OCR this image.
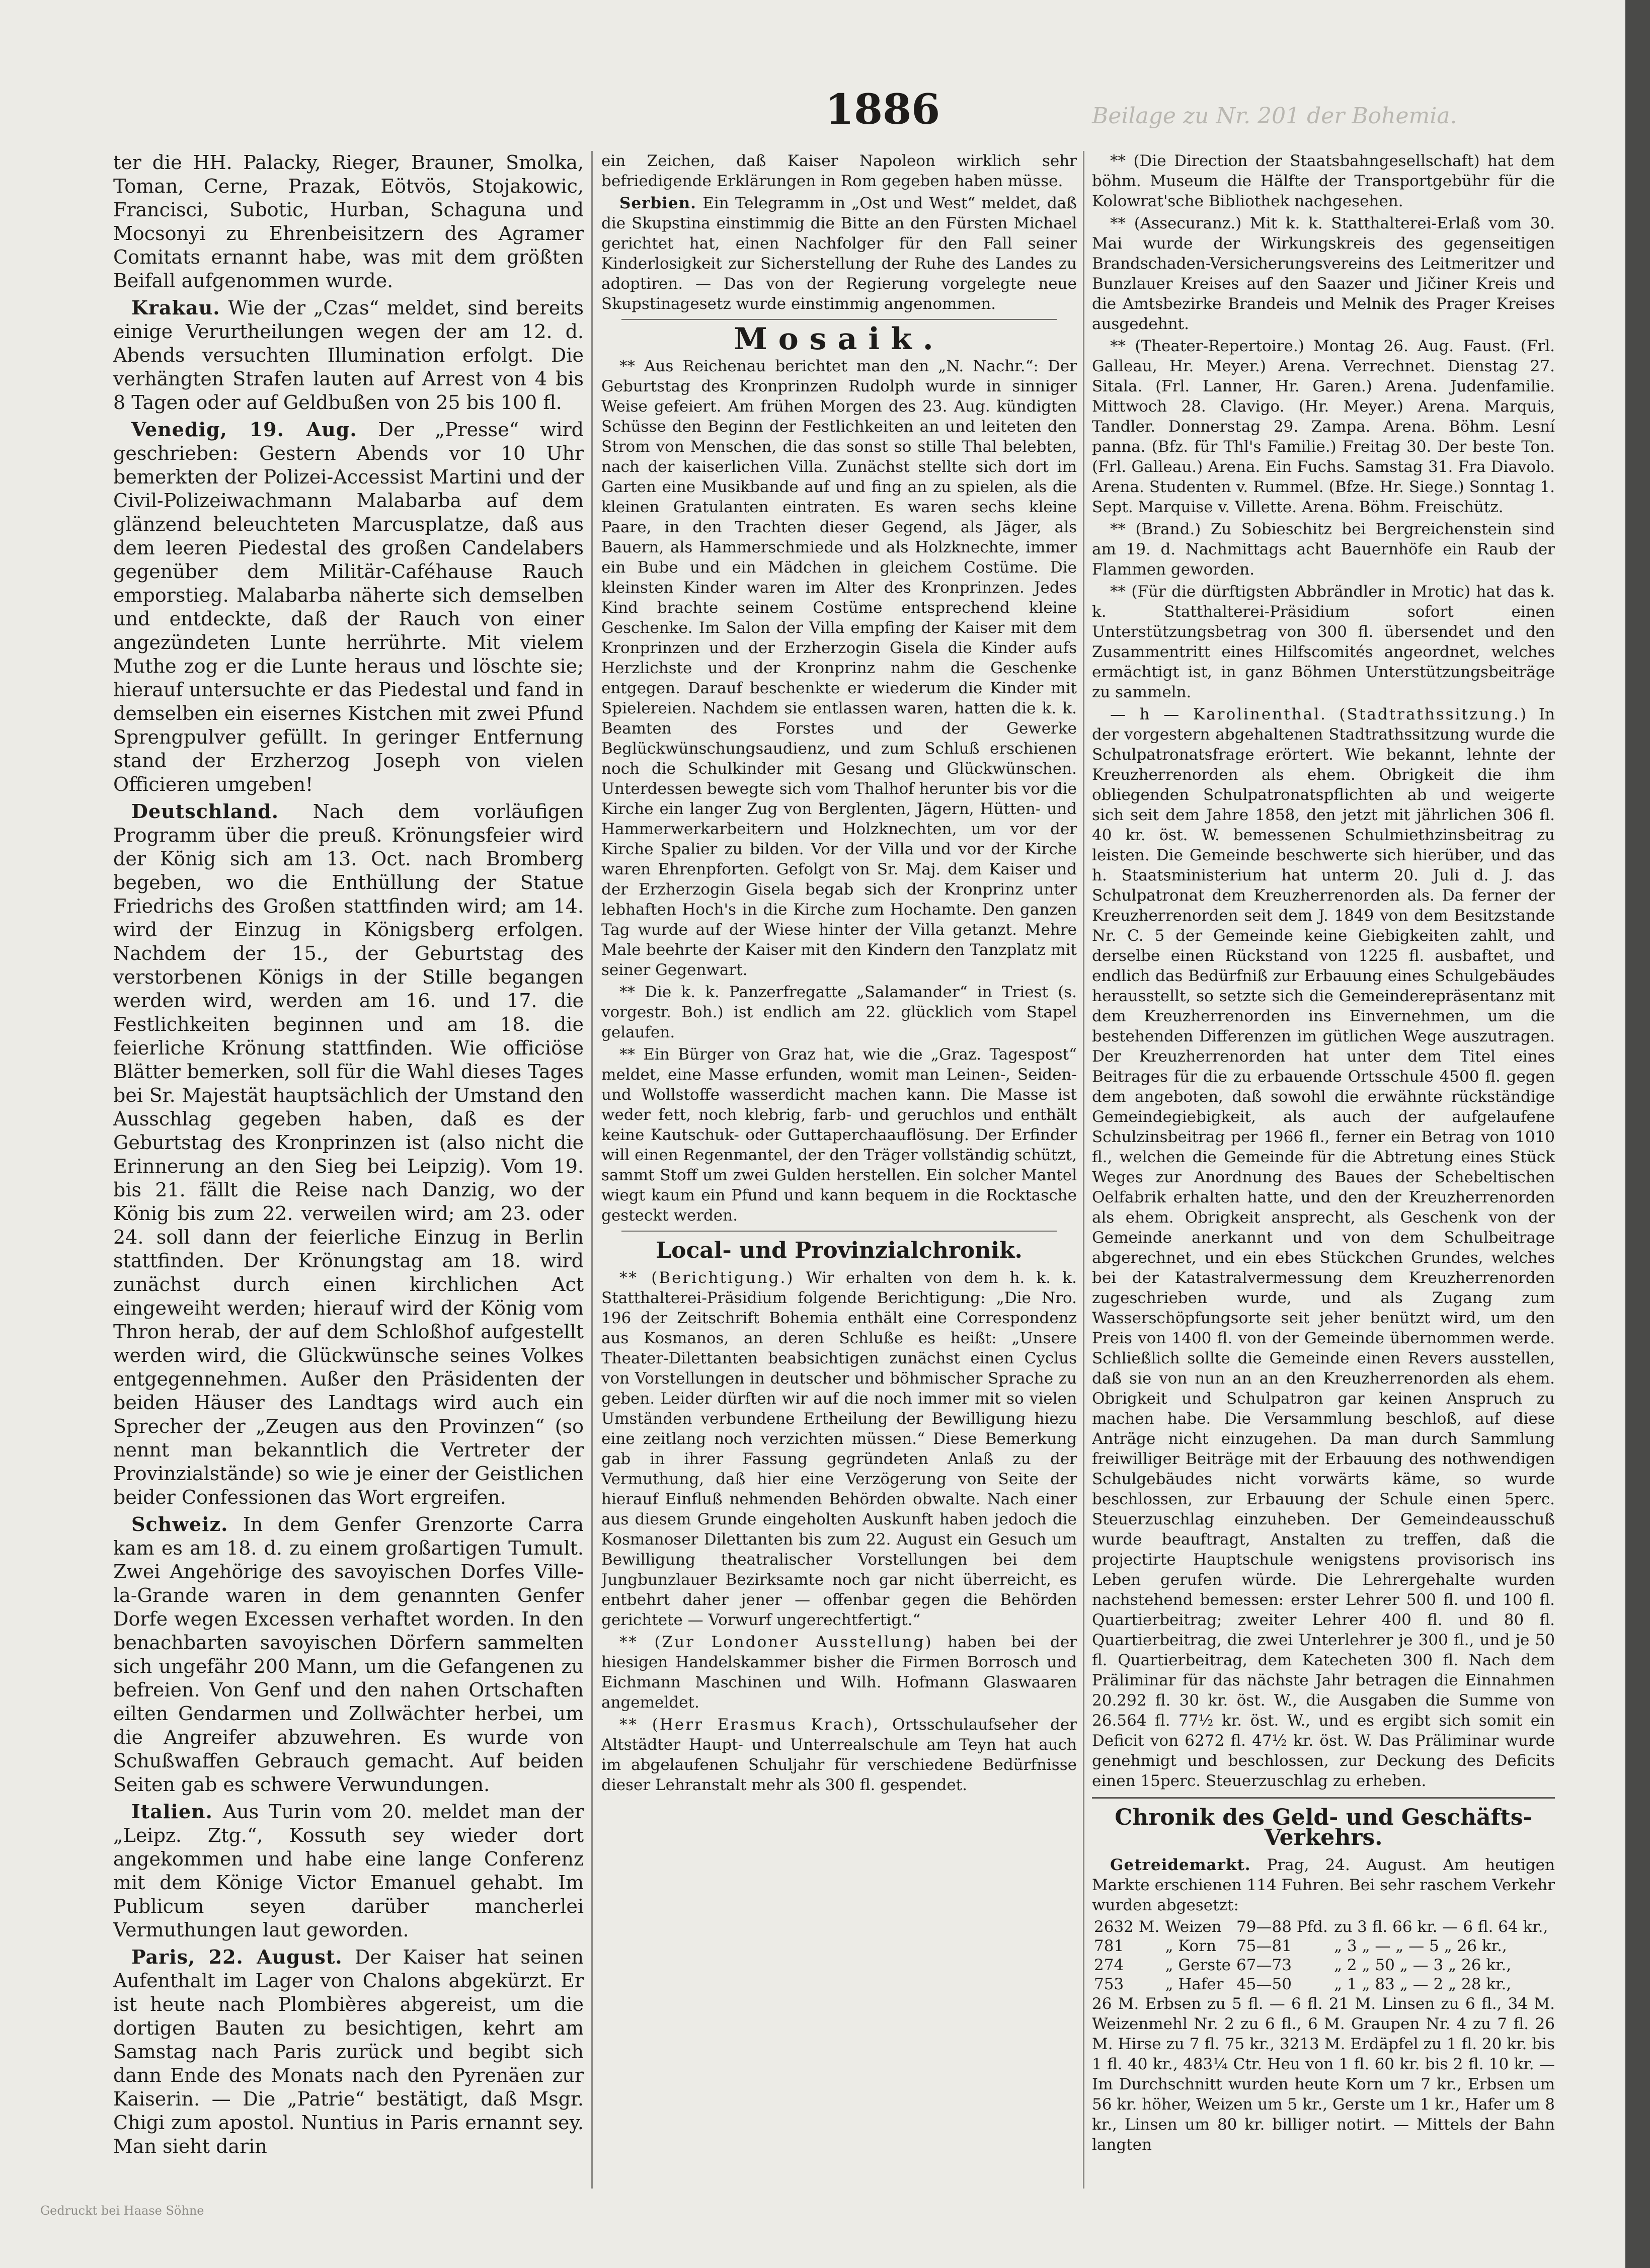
1886	Beilage zu Nr. 201 der Bohemia.

ter die HH. Palacky, Rieger, Brauner, Smolka, Toman, Cerne, Prazak, Eötvös, Stojakowic, Francisci, Subotic, Hurban, Schaguna und Mocsonyi zu Ehrenbeisitzern des Agramer Comitats ernannt habe, was mit dem größten Beifall aufgenommen wurde.

Krakau. Wie der „Czas“ meldet, sind bereits einige Verurtheilungen wegen der am 12. d. Abends versuchten Illumination erfolgt. Die verhängten Strafen lauten auf Arrest von 4 bis 8 Tagen oder auf Geldbußen von 25 bis 100 fl.

Venedig, 19. Aug. Der „Presse“ wird geschrieben: Gestern Abends vor 10 Uhr bemerkten der Polizei-Accessist Martini und der Civil-Polizeiwachmann Malabarba auf dem glänzend beleuchteten Marcusplatze, daß aus dem leeren Piedestal des großen Candelabers gegenüber dem Militär-Caféhause Rauch emporstieg. Malabarba näherte sich demselben und entdeckte, daß der Rauch von einer angezündeten Lunte herrührte. Mit vielem Muthe zog er die Lunte heraus und löschte sie; hierauf untersuchte er das Piedestal und fand in demselben ein eisernes Kistchen mit zwei Pfund Sprengpulver gefüllt. In geringer Entfernung stand der Erzherzog Joseph von vielen Officieren umgeben!

Deutschland. Nach dem vorläufigen Programm über die preuß. Krönungsfeier wird der König sich am 13. Oct. nach Bromberg begeben, wo die Enthüllung der Statue Friedrichs des Großen stattfinden wird; am 14. wird der Einzug in Königsberg erfolgen. Nachdem der 15., der Geburtstag des verstorbenen Königs in der Stille begangen werden wird, werden am 16. und 17. die Festlichkeiten beginnen und am 18. die feierliche Krönung stattfinden. Wie officiöse Blätter bemerken, soll für die Wahl dieses Tages bei Sr. Majestät hauptsächlich der Umstand den Ausschlag gegeben haben, daß es der Geburtstag des Kronprinzen ist (also nicht die Erinnerung an den Sieg bei Leipzig). Vom 19. bis 21. fällt die Reise nach Danzig, wo der König bis zum 22. verweilen wird; am 23. oder 24. soll dann der feierliche Einzug in Berlin stattfinden. Der Krönungstag am 18. wird zunächst durch einen kirchlichen Act eingeweiht werden; hierauf wird der König vom Thron herab, der auf dem Schloßhof aufgestellt werden wird, die Glückwünsche seines Volkes entgegennehmen. Außer den Präsidenten der beiden Häuser des Landtags wird auch ein Sprecher der „Zeugen aus den Provinzen“ (so nennt man bekanntlich die Vertreter der Provinzialstände) so wie je einer der Geistlichen beider Confessionen das Wort ergreifen.

Schweiz. In dem Genfer Grenzorte Carra kam es am 18. d. zu einem großartigen Tumult. Zwei Angehörige des savoyischen Dorfes Ville-la-Grande waren in dem genannten Genfer Dorfe wegen Excessen verhaftet worden. In den benachbarten savoyischen Dörfern sammelten sich ungefähr 200 Mann, um die Gefangenen zu befreien. Von Genf und den nahen Ortschaften eilten Gendarmen und Zollwächter herbei, um die Angreifer abzuwehren. Es wurde von Schußwaffen Gebrauch gemacht. Auf beiden Seiten gab es schwere Verwundungen.

Italien. Aus Turin vom 20. meldet man der „Leipz. Ztg.“, Kossuth sey wieder dort angekommen und habe eine lange Conferenz mit dem Könige Victor Emanuel gehabt. Im Publicum seyen darüber mancherlei Vermuthungen laut geworden.

Paris, 22. August. Der Kaiser hat seinen Aufenthalt im Lager von Chalons abgekürzt. Er ist heute nach Plombières abgereist, um die dortigen Bauten zu besichtigen, kehrt am Samstag nach Paris zurück und begibt sich dann Ende des Monats nach den Pyrenäen zur Kaiserin. — Die „Patrie“ bestätigt, daß Msgr. Chigi zum apostol. Nuntius in Paris ernannt sey. Man sieht darin

ein Zeichen, daß Kaiser Napoleon wirklich sehr befriedigende Erklärungen in Rom gegeben haben müsse.

Serbien. Ein Telegramm in „Ost und West“ meldet, daß die Skupstina einstimmig die Bitte an den Fürsten Michael gerichtet hat, einen Nachfolger für den Fall seiner Kinderlosigkeit zur Sicherstellung der Ruhe des Landes zu adoptiren. — Das von der Regierung vorgelegte neue Skupstinagesetz wurde einstimmig angenommen.

Mosaik.

** Aus Reichenau berichtet man den „N. Nachr.“: Der Geburtstag des Kronprinzen Rudolph wurde in sinniger Weise gefeiert. Am frühen Morgen des 23. Aug. kündigten Schüsse den Beginn der Festlichkeiten an und leiteten den Strom von Menschen, die das sonst so stille Thal belebten, nach der kaiserlichen Villa. Zunächst stellte sich dort im Garten eine Musikbande auf und fing an zu spielen, als die kleinen Gratulanten eintraten. Es waren sechs kleine Paare, in den Trachten dieser Gegend, als Jäger, als Bauern, als Hammerschmiede und als Holzknechte, immer ein Bube und ein Mädchen in gleichem Costüme. Die kleinsten Kinder waren im Alter des Kronprinzen. Jedes Kind brachte seinem Costüme entsprechend kleine Geschenke. Im Salon der Villa empfing der Kaiser mit dem Kronprinzen und der Erzherzogin Gisela die Kinder aufs Herzlichste und der Kronprinz nahm die Geschenke entgegen. Darauf beschenkte er wiederum die Kinder mit Spielereien. Nachdem sie entlassen waren, hatten die k. k. Beamten des Forstes und der Gewerke Beglückwünschungsaudienz, und zum Schluß erschienen noch die Schulkinder mit Gesang und Glückwünschen. Unterdessen bewegte sich vom Thalhof herunter bis vor die Kirche ein langer Zug von Berglenten, Jägern, Hütten- und Hammerwerkarbeitern und Holzknechten, um vor der Kirche Spalier zu bilden. Vor der Villa und vor der Kirche waren Ehrenpforten. Gefolgt von Sr. Maj. dem Kaiser und der Erzherzogin Gisela begab sich der Kronprinz unter lebhaften Hoch's in die Kirche zum Hochamte. Den ganzen Tag wurde auf der Wiese hinter der Villa getanzt. Mehre Male beehrte der Kaiser mit den Kindern den Tanzplatz mit seiner Gegenwart.

** Die k. k. Panzerfregatte „Salamander“ in Triest (s. vorgestr. Boh.) ist endlich am 22. glücklich vom Stapel gelaufen.

** Ein Bürger von Graz hat, wie die „Graz. Tagespost“ meldet, eine Masse erfunden, womit man Leinen-, Seiden- und Wollstoffe wasserdicht machen kann. Die Masse ist weder fett, noch klebrig, farb- und geruchlos und enthält keine Kautschuk- oder Guttaperchaauflösung. Der Erfinder will einen Regenmantel, der den Träger vollständig schützt, sammt Stoff um zwei Gulden herstellen. Ein solcher Mantel wiegt kaum ein Pfund und kann bequem in die Rocktasche gesteckt werden.

Local- und Provinzialchronik.

** (Berichtigung.) Wir erhalten von dem h. k. k. Statthalterei-Präsidium folgende Berichtigung: „Die Nro. 196 der Zeitschrift Bohemia enthält eine Correspondenz aus Kosmanos, an deren Schluße es heißt: „Unsere Theater-Dilettanten beabsichtigen zunächst einen Cyclus von Vorstellungen in deutscher und böhmischer Sprache zu geben. Leider dürften wir auf die noch immer mit so vielen Umständen verbundene Ertheilung der Bewilligung hiezu eine zeitlang noch verzichten müssen.“ Diese Bemerkung gab in ihrer Fassung gegründeten Anlaß zu der Vermuthung, daß hier eine Verzögerung von Seite der hierauf Einfluß nehmenden Behörden obwalte. Nach einer aus diesem Grunde eingeholten Auskunft haben jedoch die Kosmanoser Dilettanten bis zum 22. August ein Gesuch um Bewilligung theatralischer Vorstellungen bei dem Jungbunzlauer Bezirksamte noch gar nicht überreicht, es entbehrt daher jener — offenbar gegen die Behörden gerichtete — Vorwurf ungerechtfertigt.“

** (Zur Londoner Ausstellung) haben bei der hiesigen Handelskammer bisher die Firmen Borrosch und Eichmann Maschinen und Wilh. Hofmann Glaswaaren angemeldet.

** (Herr Erasmus Krach), Ortsschulaufseher der Altstädter Haupt- und Unterrealschule am Teyn hat auch im abgelaufenen Schuljahr für verschiedene Bedürfnisse dieser Lehranstalt mehr als 300 fl. gespendet.

** (Die Direction der Staatsbahngesellschaft) hat dem böhm. Museum die Hälfte der Transportgebühr für die Kolowrat'sche Bibliothek nachgesehen.

** (Assecuranz.) Mit k. k. Statthalterei-Erlaß vom 30. Mai wurde der Wirkungskreis des gegenseitigen Brandschaden-Versicherungsvereins des Leitmeritzer und Bunzlauer Kreises auf den Saazer und Jičiner Kreis und die Amtsbezirke Brandeis und Melnik des Prager Kreises ausgedehnt.

** (Theater-Repertoire.) Montag 26. Aug. Faust. (Frl. Galleau, Hr. Meyer.) Arena. Verrechnet. Dienstag 27. Sitala. (Frl. Lanner, Hr. Garen.) Arena. Judenfamilie. Mittwoch 28. Clavigo. (Hr. Meyer.) Arena. Marquis, Tandler. Donnerstag 29. Zampa. Arena. Böhm. Lesní panna. (Bfz. für Thl's Familie.) Freitag 30. Der beste Ton. (Frl. Galleau.) Arena. Ein Fuchs. Samstag 31. Fra Diavolo. Arena. Studenten v. Rummel. (Bfze. Hr. Siege.) Sonntag 1. Sept. Marquise v. Villette. Arena. Böhm. Freischütz.

** (Brand.) Zu Sobieschitz bei Bergreichenstein sind am 19. d. Nachmittags acht Bauernhöfe ein Raub der Flammen geworden.

** (Für die dürftigsten Abbrändler in Mrotic) hat das k. k. Statthalterei-Präsidium sofort einen Unterstützungsbetrag von 300 fl. übersendet und den Zusammentritt eines Hilfscomités angeordnet, welches ermächtigt ist, in ganz Böhmen Unterstützungsbeiträge zu sammeln.

— h — Karolinenthal. (Stadtrathssitzung.) In der vorgestern abgehaltenen Stadtrathssitzung wurde die Schulpatronatsfrage erörtert. Wie bekannt, lehnte der Kreuzherrenorden als ehem. Obrigkeit die ihm obliegenden Schulpatronatspflichten ab und weigerte sich seit dem Jahre 1858, den jetzt mit jährlichen 306 fl. 40 kr. öst. W. bemessenen Schulmiethzinsbeitrag zu leisten. Die Gemeinde beschwerte sich hierüber, und das h. Staatsministerium hat unterm 20. Juli d. J. das Schulpatronat dem Kreuzherrenorden als. Da ferner der Kreuzherrenorden seit dem J. 1849 von dem Besitzstande Nr. C. 5 der Gemeinde keine Giebigkeiten zahlt, und derselbe einen Rückstand von 1225 fl. ausbaftet, und endlich das Bedürfniß zur Erbauung eines Schulgebäudes herausstellt, so setzte sich die Gemeinderepräsentanz mit dem Kreuzherrenorden ins Einvernehmen, um die bestehenden Differenzen im gütlichen Wege auszutragen. Der Kreuzherrenorden hat unter dem Titel eines Beitrages für die zu erbauende Ortsschule 4500 fl. gegen dem angeboten, daß sowohl die erwähnte rückständige Gemeindegiebigkeit, als auch der aufgelaufene Schulzinsbeitrag per 1966 fl., ferner ein Betrag von 1010 fl., welchen die Gemeinde für die Abtretung eines Stück Weges zur Anordnung des Baues der Schebeltischen Oelfabrik erhalten hatte, und den der Kreuzherrenorden als ehem. Obrigkeit ansprecht, als Geschenk von der Gemeinde anerkannt und von dem Schulbeitrage abgerechnet, und ein ebes Stückchen Grundes, welches bei der Katastralvermessung dem Kreuzherrenorden zugeschrieben wurde, und als Zugang zum Wasserschöpfungsorte seit jeher benützt wird, um den Preis von 1400 fl. von der Gemeinde übernommen werde. Schließlich sollte die Gemeinde einen Revers ausstellen, daß sie von nun an an den Kreuzherrenorden als ehem. Obrigkeit und Schulpatron gar keinen Anspruch zu machen habe. Die Versammlung beschloß, auf diese Anträge nicht einzugehen. Da man durch Sammlung freiwilliger Beiträge mit der Erbauung des nothwendigen Schulgebäudes nicht vorwärts käme, so wurde beschlossen, zur Erbauung der Schule einen 5perc. Steuerzuschlag einzuheben. Der Gemeindeausschuß wurde beauftragt, Anstalten zu treffen, daß die projectirte Hauptschule wenigstens provisorisch ins Leben gerufen würde. Die Lehrergehalte wurden nachstehend bemessen: erster Lehrer 500 fl. und 100 fl. Quartierbeitrag; zweiter Lehrer 400 fl. und 80 fl. Quartierbeitrag, die zwei Unterlehrer je 300 fl., und je 50 fl. Quartierbeitrag, dem Katecheten 300 fl. Nach dem Präliminar für das nächste Jahr betragen die Einnahmen 20.292 fl. 30 kr. öst. W., die Ausgaben die Summe von 26.564 fl. 77½ kr. öst. W., und es ergibt sich somit ein Deficit von 6272 fl. 47½ kr. öst. W. Das Präliminar wurde genehmigt und beschlossen, zur Deckung des Deficits einen 15perc. Steuerzuschlag zu erheben.

Chronik des Geld- und Geschäfts-Verkehrs.

Getreidemarkt. Prag, 24. August. Am heutigen Markte erschienen 114 Fuhren. Bei sehr raschem Verkehr wurden abgesetzt:

2632 M.	Weizen	79—88 Pfd.	zu 3 fl. 66 kr. — 6 fl. 64 kr.,
781	„ Korn	75—81	„ 3 „ — „ — 5 „ 26 kr.,
274	„ Gerste	67—73	„ 2 „ 50 „ — 3 „ 26 kr.,
753	„ Hafer	45—50	„ 1 „ 83 „ — 2 „ 28 kr.,

26 M. Erbsen zu 5 fl. — 6 fl. 21 M. Linsen zu 6 fl., 34 M. Weizenmehl Nr. 2 zu 6 fl., 6 M. Graupen Nr. 4 zu 7 fl. 26 M. Hirse zu 7 fl. 75 kr., 3213 M. Erdäpfel zu 1 fl. 20 kr. bis 1 fl. 40 kr., 483¼ Ctr. Heu von 1 fl. 60 kr. bis 2 fl. 10 kr. — Im Durchschnitt wurden heute Korn um 7 kr., Erbsen um 56 kr. höher, Weizen um 5 kr., Gerste um 1 kr., Hafer um 8 kr., Linsen um 80 kr. billiger notirt. — Mittels der Bahn langten

Gedruckt bei Haase Söhne
